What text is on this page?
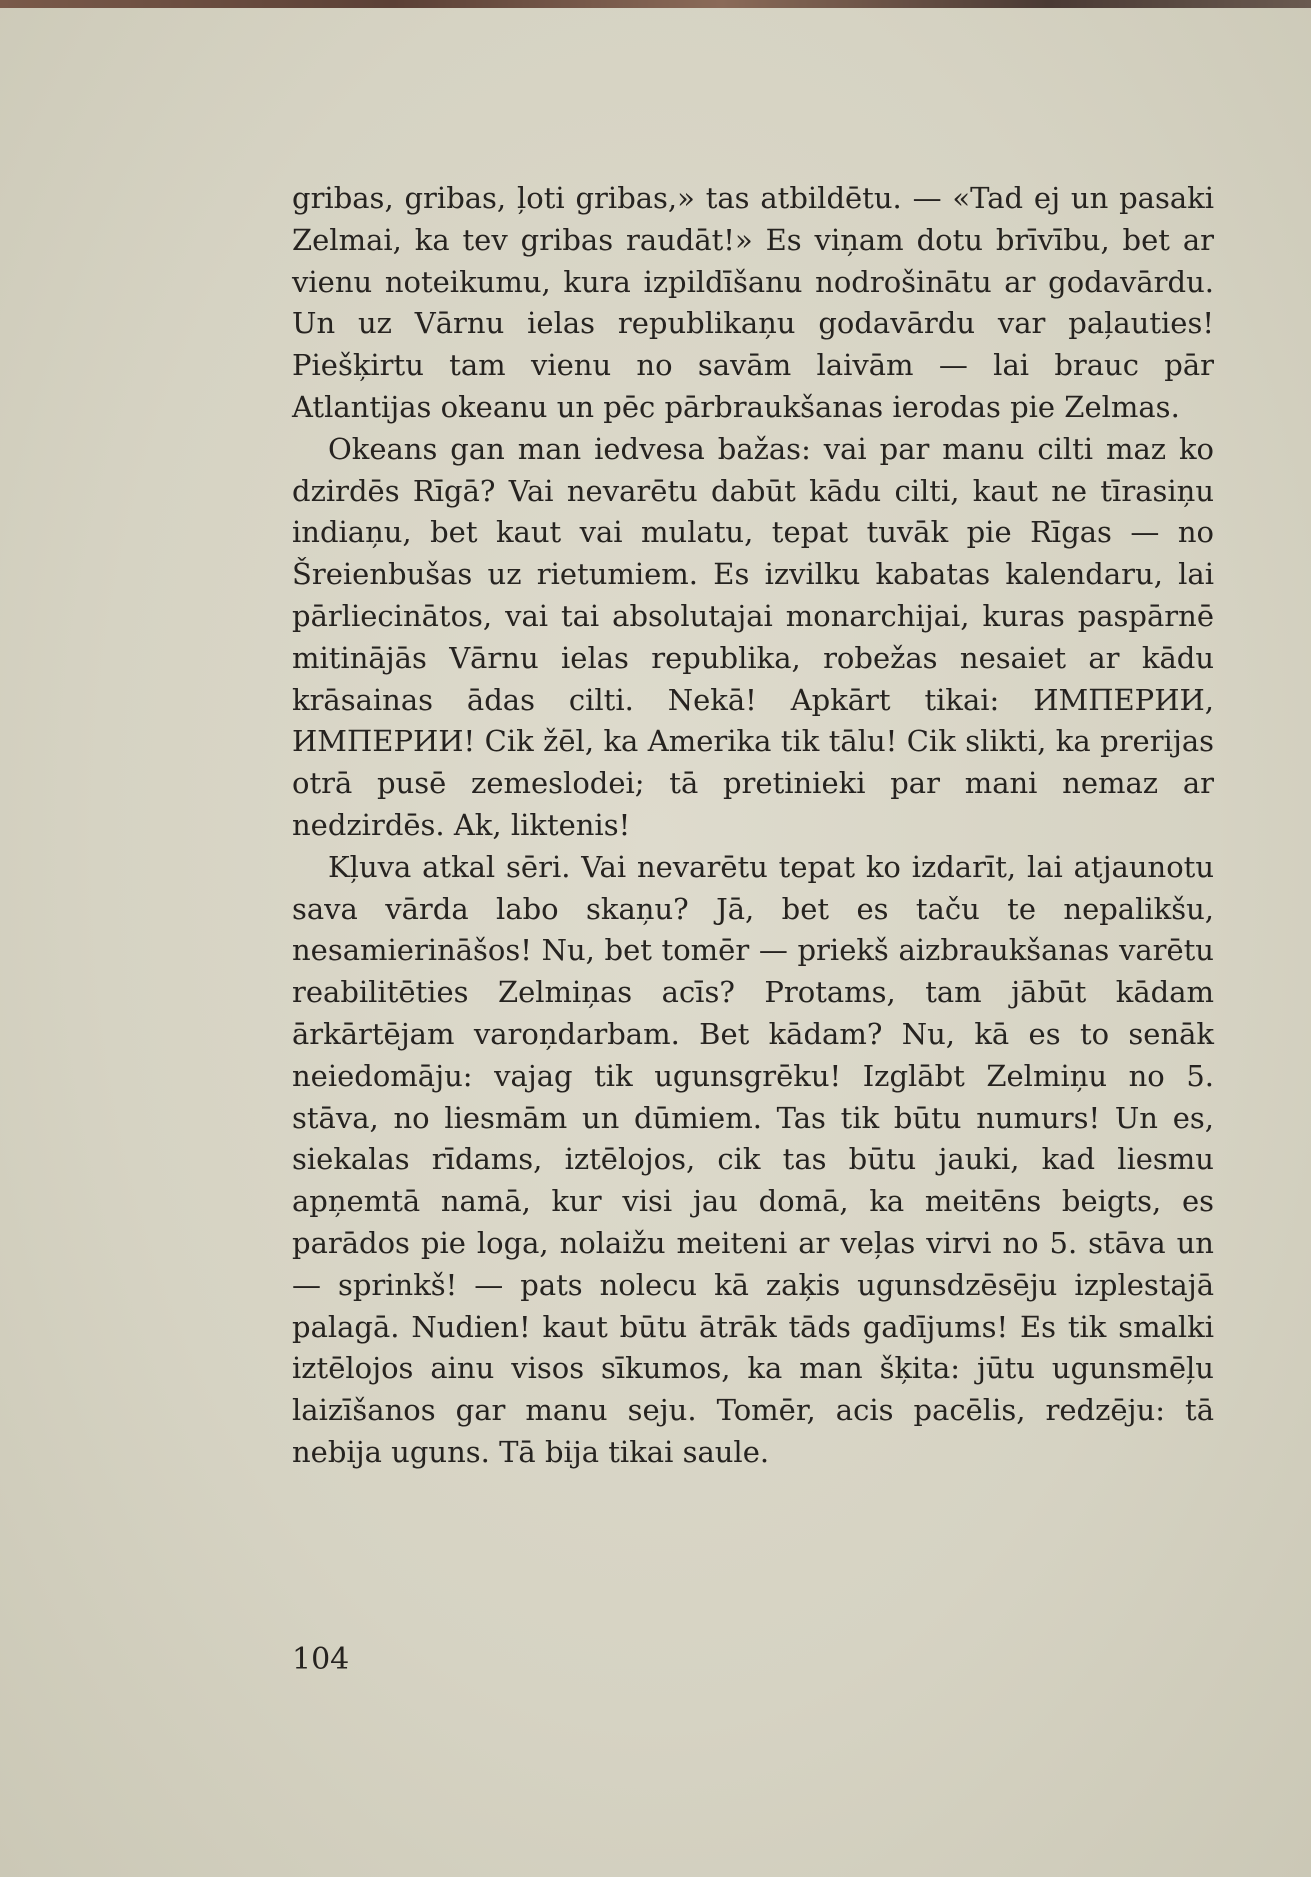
gribas, gribas, ļoti gribas,» tas atbildētu. — «Tad ej un pasaki Zelmai, ka tev gribas raudāt!» Es viņam dotu brīvību, bet ar vienu noteikumu, kura izpildīšanu nodrošinātu ar godavārdu. Un uz Vārnu ielas republikaņu godavārdu var paļauties! Piešķirtu tam vienu no savām laivām — lai brauc pār Atlantijas okeanu un pēc pārbraukšanas ierodas pie Zelmas.

Okeans gan man iedvesa bažas: vai par manu cilti maz ko dzirdēs Rīgā? Vai nevarētu dabūt kādu cilti, kaut ne tīrasiņu indiaņu, bet kaut vai mulatu, tepat tuvāk pie Rīgas — no Šreienbušas uz rietumiem. Es izvilku kabatas kalendaru, lai pārliecinātos, vai tai absolutajai monarchijai, kuras paspārnē mitinājās Vārnu ielas republika, robežas nesaiet ar kādu krāsainas ādas cilti. Nekā! Apkārt tikai: ИМПЕРИИ, ИМПЕРИИ! Cik žēl, ka Amerika tik tālu! Cik slikti, ka prerijas otrā pusē zemeslodei; tā pretinieki par mani nemaz ar nedzirdēs. Ak, liktenis!

Kļuva atkal sēri. Vai nevarētu tepat ko izdarīt, lai atjaunotu sava vārda labo skaņu? Jā, bet es taču te nepalikšu, nesamierināšos! Nu, bet tomēr — priekš aizbraukšanas varētu reabilitēties Zelmiņas acīs? Protams, tam jābūt kādam ārkārtējam varoņdarbam. Bet kādam? Nu, kā es to senāk neiedomāju: vajag tik ugunsgrēku! Izglābt Zelmiņu no 5. stāva, no liesmām un dūmiem. Tas tik būtu numurs! Un es, siekalas rīdams, iztēlojos, cik tas būtu jauki, kad liesmu apņemtā namā, kur visi jau domā, ka meitēns beigts, es parādos pie loga, nolaižu meiteni ar veļas virvi no 5. stāva un — sprinkš! — pats nolecu kā zaķis ugunsdzēsēju izplestajā palagā. Nudien! kaut būtu ātrāk tāds gadījums! Es tik smalki iztēlojos ainu visos sīkumos, ka man šķita: jūtu ugunsmēļu laizīšanos gar manu seju. Tomēr, acis pacēlis, redzēju: tā nebija uguns. Tā bija tikai saule.

104
